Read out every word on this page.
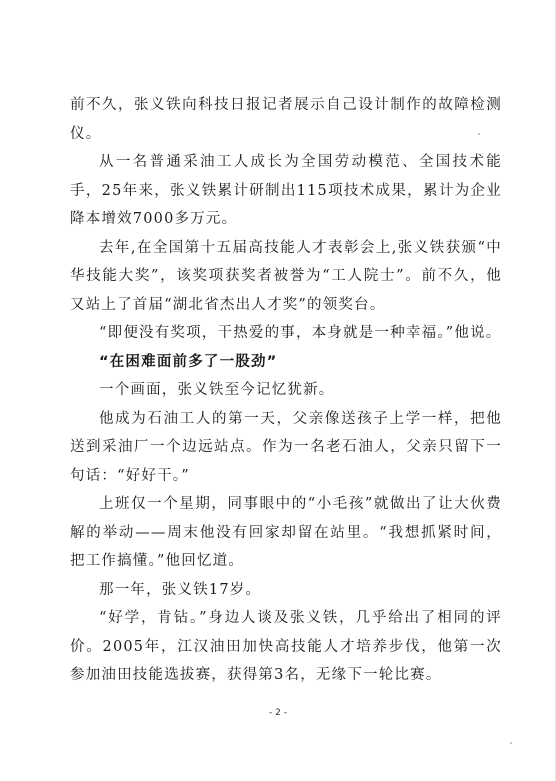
前不久，张义铁向科技日报记者展示自己设计制作的故障检测仪。

从一名普通采油工人成长为全国劳动模范、全国技术能手，25年来，张义铁累计研制出115项技术成果，累计为企业降本增效7000多万元。

去年,在全国第十五届高技能人才表彰会上,张义铁获颁“中华技能大奖”，该奖项获奖者被誉为“工人院士”。前不久，他又站上了首届“湖北省杰出人才奖”的领奖台。

“即便没有奖项，干热爱的事，本身就是一种幸福。”他说。

“在困难面前多了一股劲”

一个画面，张义铁至今记忆犹新。

他成为石油工人的第一天，父亲像送孩子上学一样，把他送到采油厂一个边远站点。作为一名老石油人，父亲只留下一句话：“好好干。”

上班仅一个星期，同事眼中的“小毛孩”就做出了让大伙费解的举动——周末他没有回家却留在站里。“我想抓紧时间，把工作搞懂。”他回忆道。

那一年，张义铁17岁。

“好学，肯钻。”身边人谈及张义铁，几乎给出了相同的评价。2005年，江汉油田加快高技能人才培养步伐，他第一次参加油田技能选拔赛，获得第3名，无缘下一轮比赛。

- 2 -
